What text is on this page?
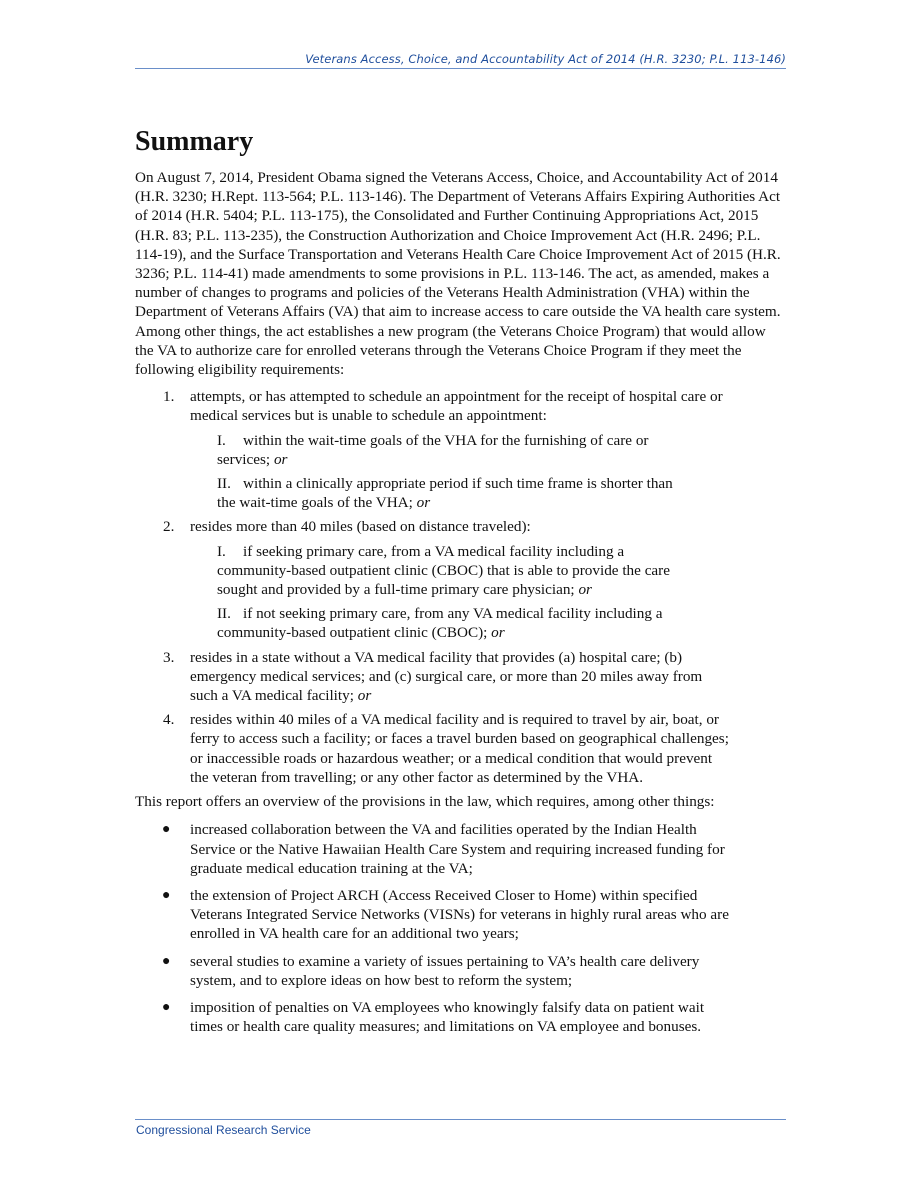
Veterans Access, Choice, and Accountability Act of 2014 (H.R. 3230; P.L. 113-146)
Summary

On August 7, 2014, President Obama signed the Veterans Access, Choice, and Accountability Act of 2014 (H.R. 3230; H.Rept. 113-564; P.L. 113-146). The Department of Veterans Affairs Expiring Authorities Act of 2014 (H.R. 5404; P.L. 113-175), the Consolidated and Further Continuing Appropriations Act, 2015 (H.R. 83; P.L. 113-235), the Construction Authorization and Choice Improvement Act (H.R. 2496; P.L. 114-19), and the Surface Transportation and Veterans Health Care Choice Improvement Act of 2015 (H.R. 3236; P.L. 114-41) made amendments to some provisions in P.L. 113-146. The act, as amended, makes a number of changes to programs and policies of the Veterans Health Administration (VHA) within the Department of Veterans Affairs (VA) that aim to increase access to care outside the VA health care system. Among other things, the act establishes a new program (the Veterans Choice Program) that would allow the VA to authorize care for enrolled veterans through the Veterans Choice Program if they meet the following eligibility requirements:

1. attempts, or has attempted to schedule an appointment for the receipt of hospital care or medical services but is unable to schedule an appointment:
I. within the wait-time goals of the VHA for the furnishing of care or services; or
II. within a clinically appropriate period if such time frame is shorter than the wait-time goals of the VHA; or
2. resides more than 40 miles (based on distance traveled):
I. if seeking primary care, from a VA medical facility including a community-based outpatient clinic (CBOC) that is able to provide the care sought and provided by a full-time primary care physician; or
II. if not seeking primary care, from any VA medical facility including a community-based outpatient clinic (CBOC); or
3. resides in a state without a VA medical facility that provides (a) hospital care; (b) emergency medical services; and (c) surgical care, or more than 20 miles away from such a VA medical facility; or
4. resides within 40 miles of a VA medical facility and is required to travel by air, boat, or ferry to access such a facility; or faces a travel burden based on geographical challenges; or inaccessible roads or hazardous weather; or a medical condition that would prevent the veteran from travelling; or any other factor as determined by the VHA.

This report offers an overview of the provisions in the law, which requires, among other things:

● increased collaboration between the VA and facilities operated by the Indian Health Service or the Native Hawaiian Health Care System and requiring increased funding for graduate medical education training at the VA;
● the extension of Project ARCH (Access Received Closer to Home) within specified Veterans Integrated Service Networks (VISNs) for veterans in highly rural areas who are enrolled in VA health care for an additional two years;
● several studies to examine a variety of issues pertaining to VA’s health care delivery system, and to explore ideas on how best to reform the system;
● imposition of penalties on VA employees who knowingly falsify data on patient wait times or health care quality measures; and limitations on VA employee and bonuses.
Congressional Research Service
